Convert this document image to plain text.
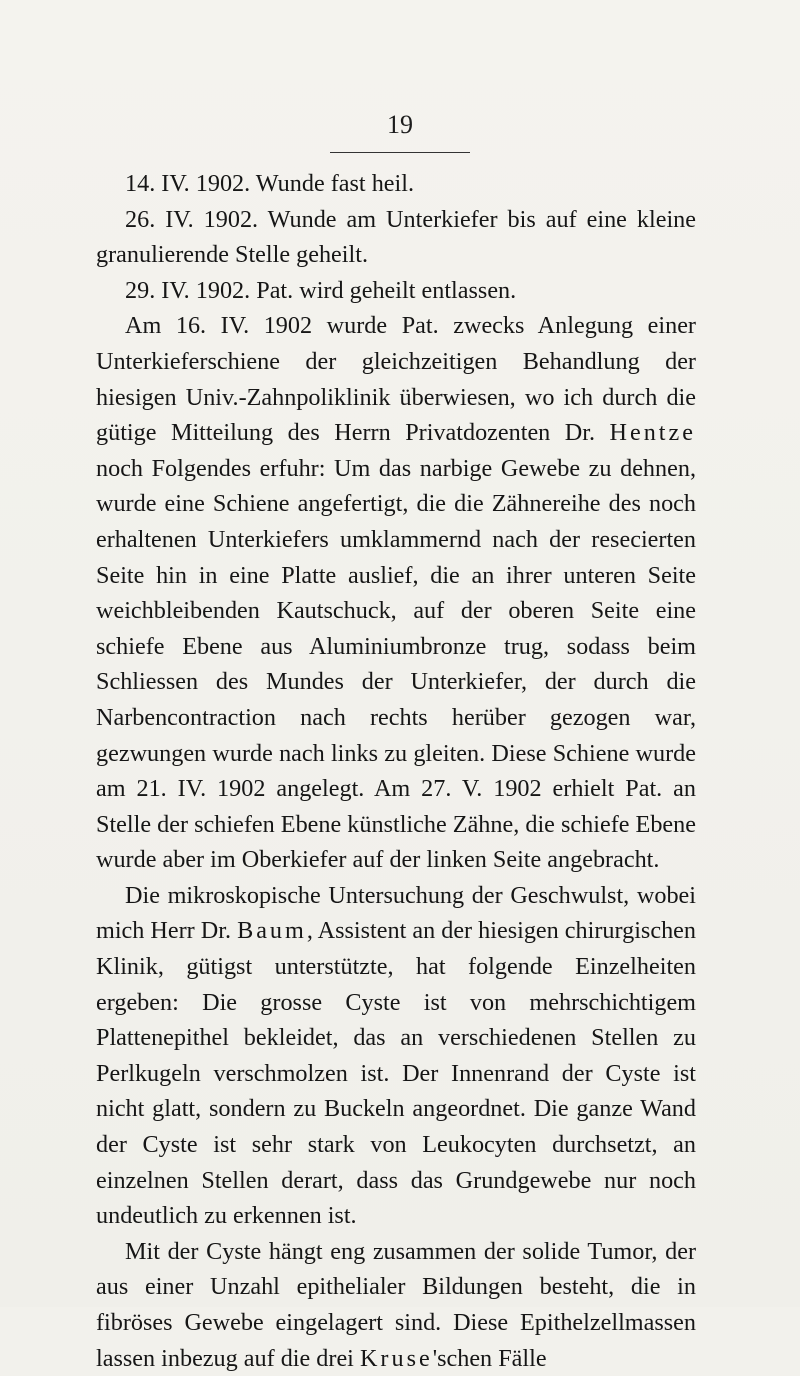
19

14. IV. 1902. Wunde fast heil.

26. IV. 1902. Wunde am Unterkiefer bis auf eine kleine granulierende Stelle geheilt.

29. IV. 1902. Pat. wird geheilt entlassen.

Am 16. IV. 1902 wurde Pat. zwecks Anlegung einer Unterkieferschiene der gleichzeitigen Behandlung der hiesigen Univ.-Zahnpoliklinik überwiesen, wo ich durch die gütige Mitteilung des Herrn Privatdozenten Dr. Hentze noch Folgendes erfuhr: Um das narbige Gewebe zu dehnen, wurde eine Schiene angefertigt, die die Zähnereihe des noch erhaltenen Unterkiefers umklammernd nach der resecierten Seite hin in eine Platte auslief, die an ihrer unteren Seite weichbleibenden Kautschuck, auf der oberen Seite eine schiefe Ebene aus Aluminiumbronze trug, sodass beim Schliessen des Mundes der Unterkiefer, der durch die Narbencontraction nach rechts herüber gezogen war, gezwungen wurde nach links zu gleiten. Diese Schiene wurde am 21. IV. 1902 angelegt. Am 27. V. 1902 erhielt Pat. an Stelle der schiefen Ebene künstliche Zähne, die schiefe Ebene wurde aber im Oberkiefer auf der linken Seite angebracht.

Die mikroskopische Untersuchung der Geschwulst, wobei mich Herr Dr. Baum, Assistent an der hiesigen chirurgischen Klinik, gütigst unterstützte, hat folgende Einzelheiten ergeben: Die grosse Cyste ist von mehrschichtigem Plattenepithel bekleidet, das an verschiedenen Stellen zu Perlkugeln verschmolzen ist. Der Innenrand der Cyste ist nicht glatt, sondern zu Buckeln angeordnet. Die ganze Wand der Cyste ist sehr stark von Leukocyten durchsetzt, an einzelnen Stellen derart, dass das Grundgewebe nur noch undeutlich zu erkennen ist.

Mit der Cyste hängt eng zusammen der solide Tumor, der aus einer Unzahl epithelialer Bildungen besteht, die in fibröses Gewebe eingelagert sind. Diese Epithelzellmassen lassen inbezug auf die drei Kruse'schen Fälle
